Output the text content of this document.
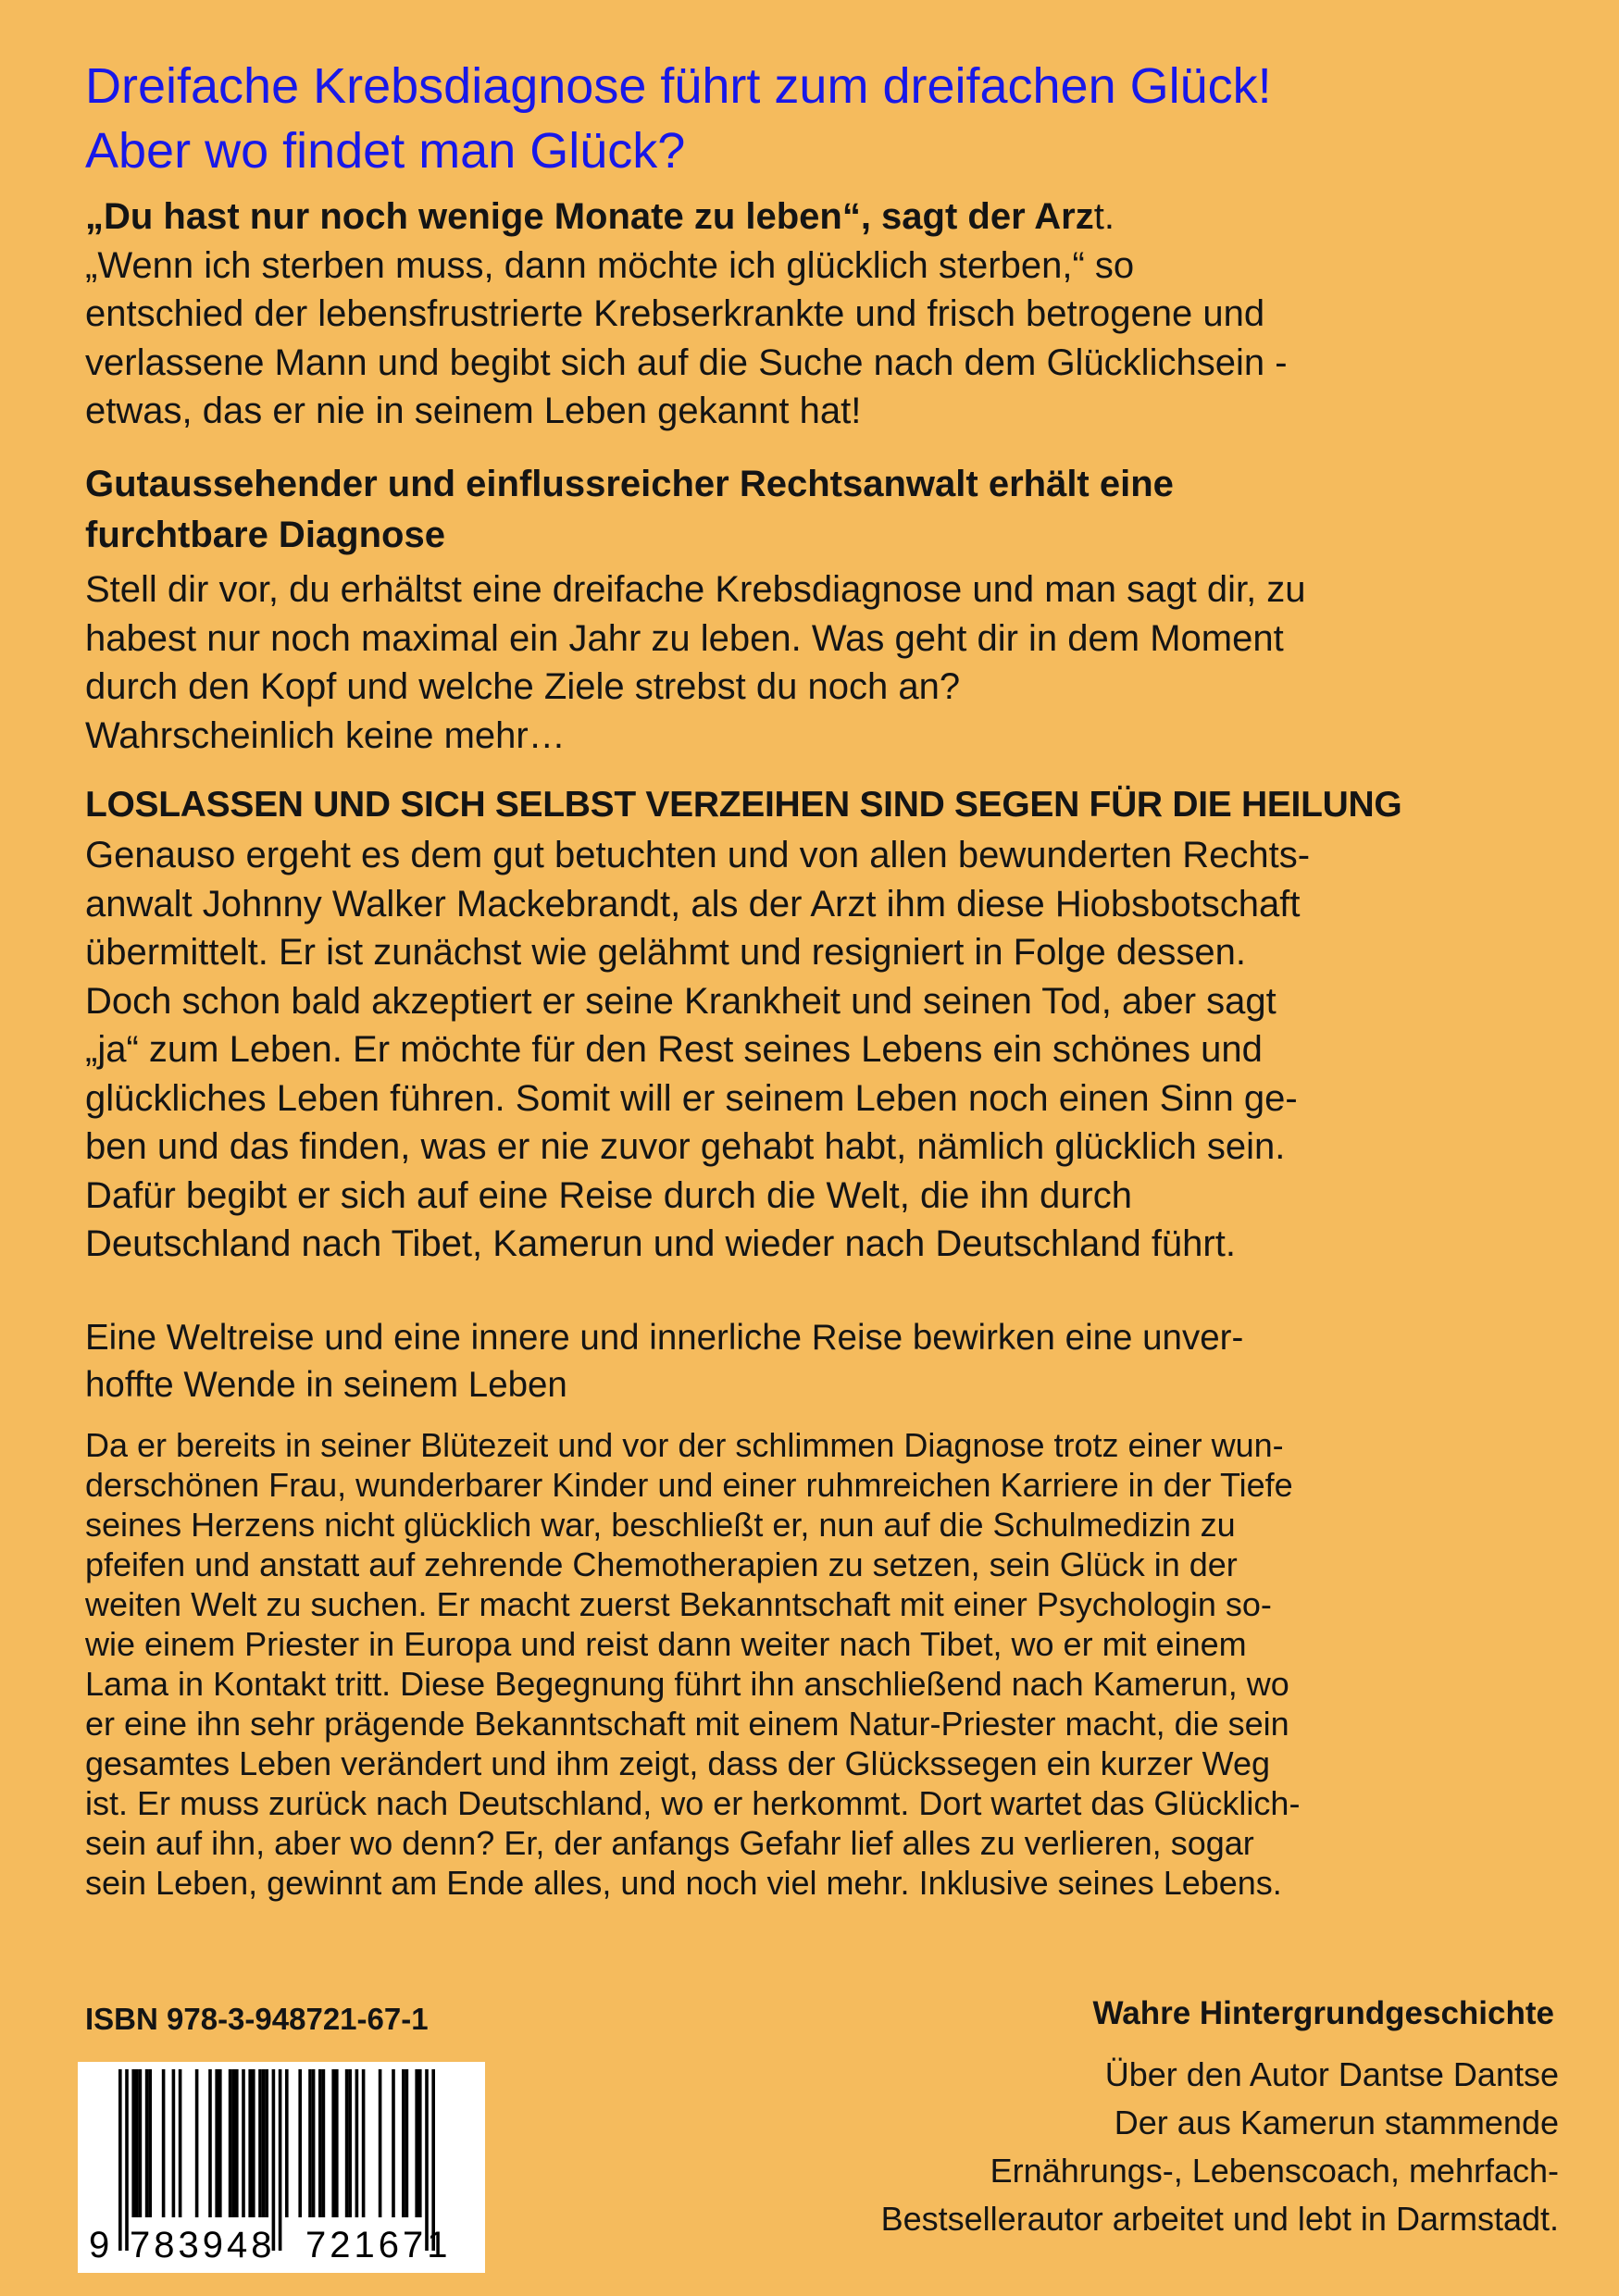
Dreifache Krebsdiagnose führt zum dreifachen Glück!
Aber wo findet man Glück?
„Du hast nur noch wenige Monate zu leben“, sagt der Arzt.
„Wenn ich sterben muss, dann möchte ich glücklich sterben,“ so
entschied der lebensfrustrierte Krebserkrankte und frisch betrogene und
verlassene Mann und begibt sich auf die Suche nach dem Glücklichsein -
etwas, das er nie in seinem Leben gekannt hat!
Gutaussehender und einflussreicher Rechtsanwalt erhält eine
furchtbare Diagnose
Stell dir vor, du erhältst eine dreifache Krebsdiagnose und man sagt dir, zu
habest nur noch maximal ein Jahr zu leben. Was geht dir in dem Moment
durch den Kopf und welche Ziele strebst du noch an?
Wahrscheinlich keine mehr…
LOSLASSEN UND SICH SELBST VERZEIHEN SIND SEGEN FÜR DIE HEILUNG
Genauso ergeht es dem gut betuchten und von allen bewunderten Rechts-
anwalt Johnny Walker Mackebrandt, als der Arzt ihm diese Hiobsbotschaft
übermittelt. Er ist zunächst wie gelähmt und resigniert in Folge dessen.
Doch schon bald akzeptiert er seine Krankheit und seinen Tod, aber sagt
„ja“ zum Leben. Er möchte für den Rest seines Lebens ein schönes und
glückliches Leben führen. Somit will er seinem Leben noch einen Sinn ge-
ben und das finden, was er nie zuvor gehabt habt, nämlich glücklich sein.
Dafür begibt er sich auf eine Reise durch die Welt, die ihn durch
Deutschland nach Tibet, Kamerun und wieder nach Deutschland führt.
Eine Weltreise und eine innere und innerliche Reise bewirken eine unver-
hoffte Wende in seinem Leben
Da er bereits in seiner Blütezeit und vor der schlimmen Diagnose trotz einer wun-
derschönen Frau, wunderbarer Kinder und einer ruhmreichen Karriere in der Tiefe
seines Herzens nicht glücklich war, beschließt er, nun auf die Schulmedizin zu
pfeifen und anstatt auf zehrende Chemotherapien zu setzen, sein Glück in der
weiten Welt zu suchen. Er macht zuerst Bekanntschaft mit einer Psychologin so-
wie einem Priester in Europa und reist dann weiter nach Tibet, wo er mit einem
Lama in Kontakt tritt. Diese Begegnung führt ihn anschließend nach Kamerun, wo
er eine ihn sehr prägende Bekanntschaft mit einem Natur-Priester macht, die sein
gesamtes Leben verändert und ihm zeigt, dass der Glückssegen ein kurzer Weg
ist. Er muss zurück nach Deutschland, wo er herkommt. Dort wartet das Glücklich-
sein auf ihn, aber wo denn? Er, der anfangs Gefahr lief alles zu verlieren, sogar
sein Leben, gewinnt am Ende alles, und noch viel mehr. Inklusive seines Lebens.
ISBN 978-3-948721-67-1
9 783948 721671
Wahre Hintergrundgeschichte
Über den Autor Dantse Dantse
Der aus Kamerun stammende
Ernährungs-, Lebenscoach, mehrfach-
Bestsellerautor arbeitet und lebt in Darmstadt.
